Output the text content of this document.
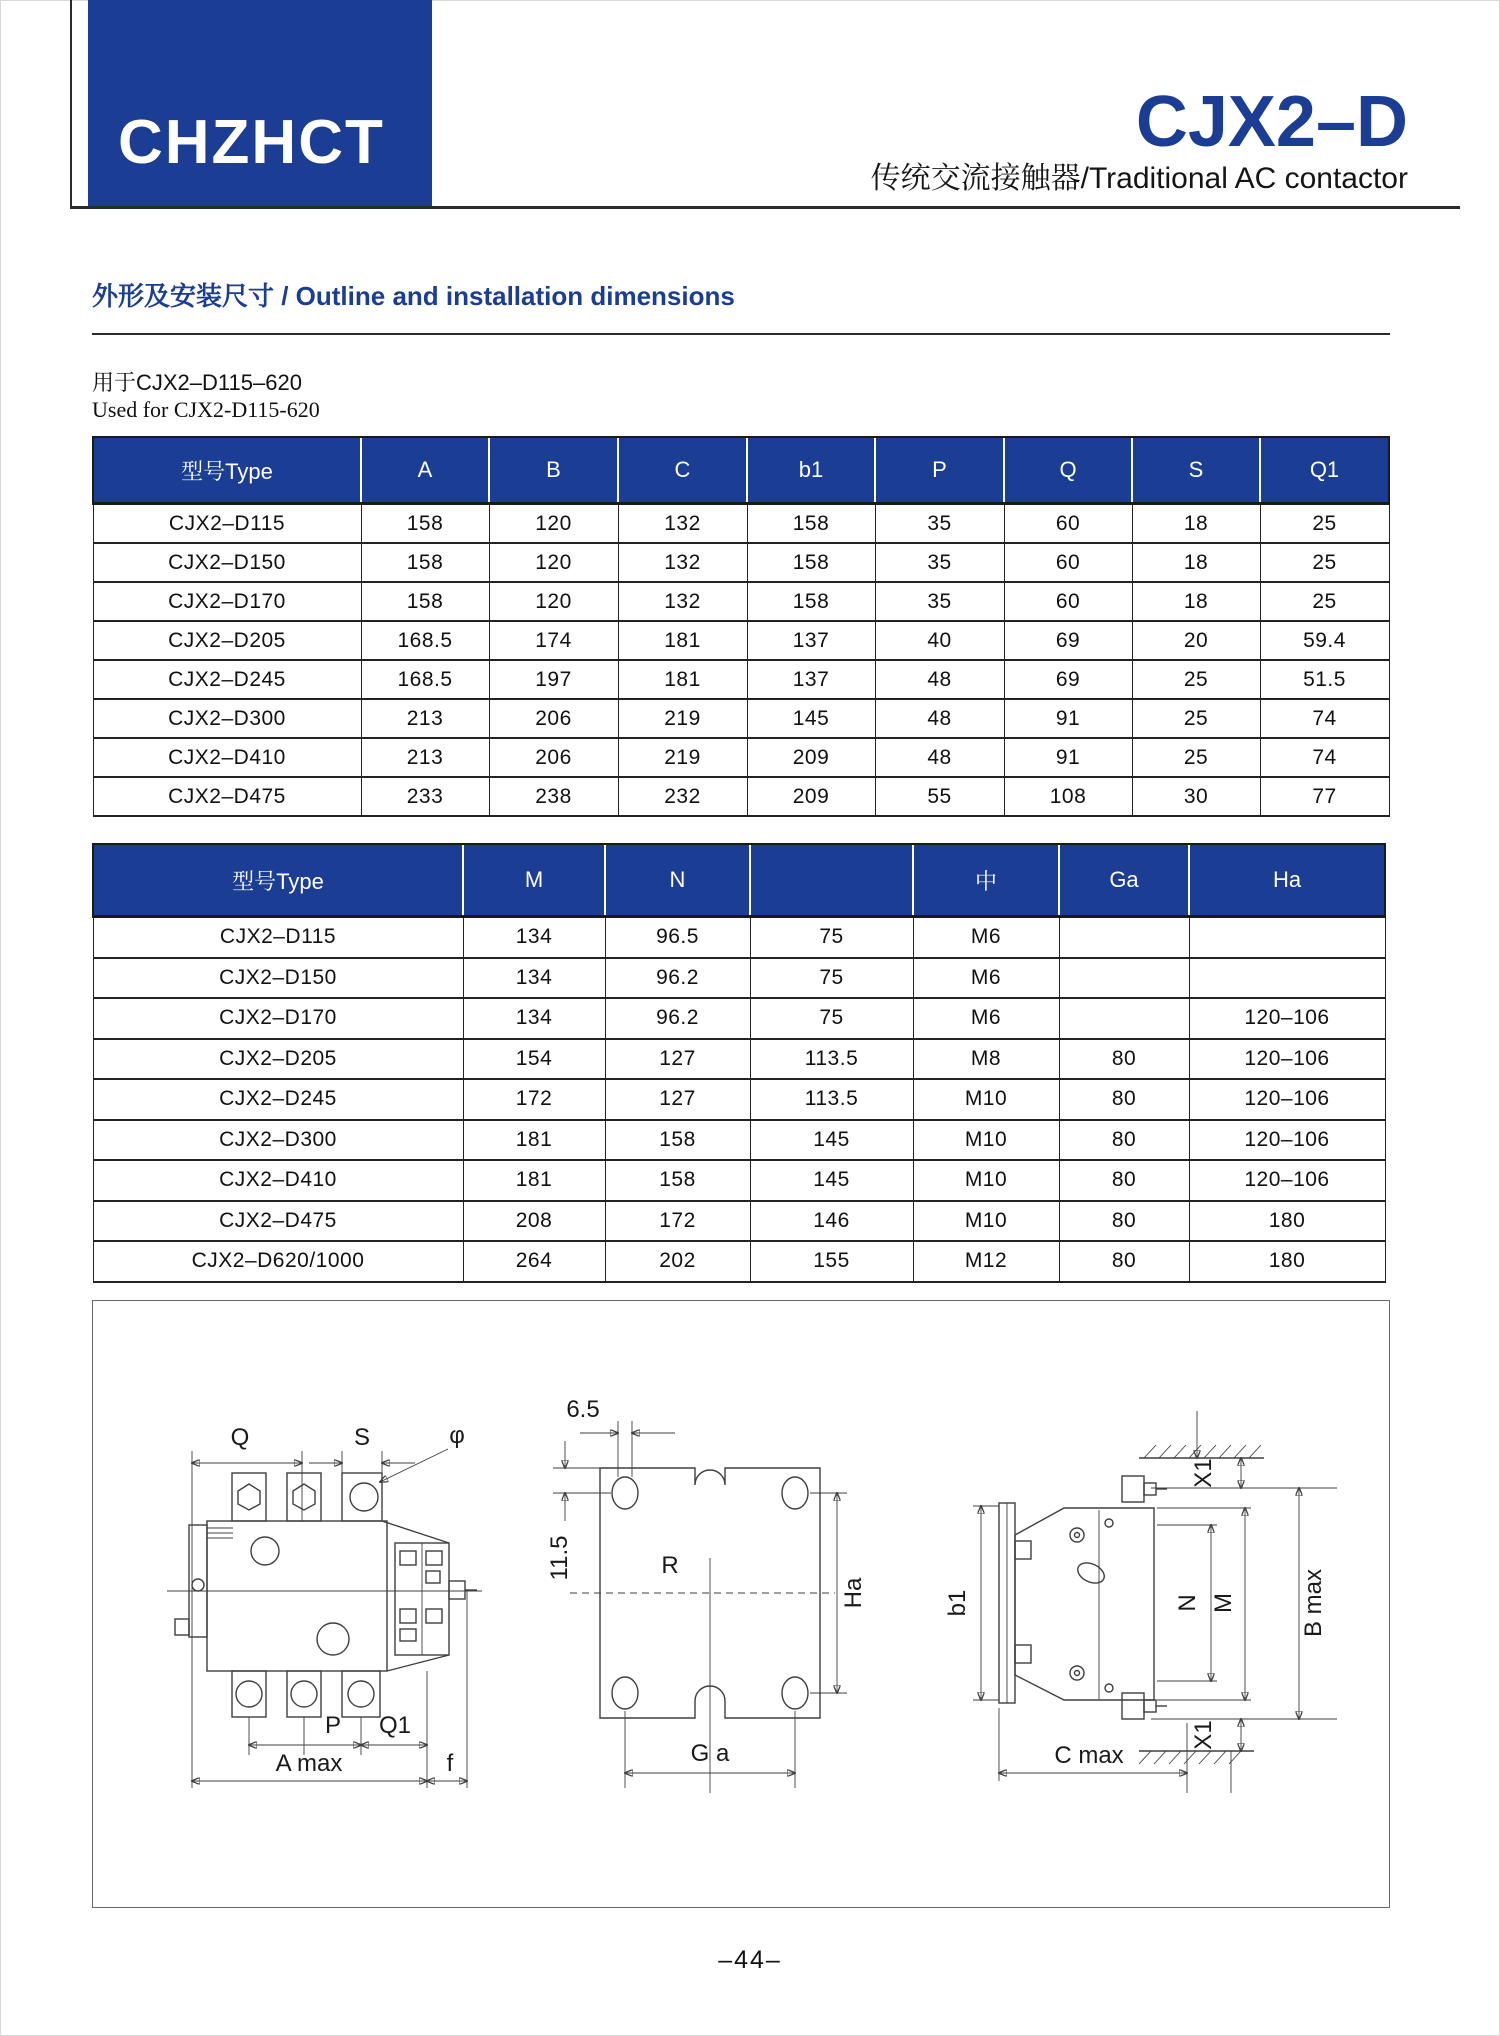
CHZHCT	CJX2–D
传统交流接触器/Traditional AC contactor
外形及安装尺寸 / Outline and installation dimensions
用于CJX2–D115–620
Used for CJX2-D115-620
型号Type	A	B	C	b1	P	Q	S	Q1
CJX2–D115	158	120	132	158	35	60	18	25
CJX2–D150	158	120	132	158	35	60	18	25
CJX2–D170	158	120	132	158	35	60	18	25
CJX2–D205	168.5	174	181	137	40	69	20	59.4
CJX2–D245	168.5	197	181	137	48	69	25	51.5
CJX2–D300	213	206	219	145	48	91	25	74
CJX2–D410	213	206	219	209	48	91	25	74
CJX2–D475	233	238	232	209	55	108	30	77
型号Type	M	N		中	Ga	Ha
CJX2–D115	134	96.5	75	M6		
CJX2–D150	134	96.2	75	M6		
CJX2–D170	134	96.2	75	M6		120–106
CJX2–D205	154	127	113.5	M8	80	120–106
CJX2–D245	172	127	113.5	M10	80	120–106
CJX2–D300	181	158	145	M10	80	120–106
CJX2–D410	181	158	145	M10	80	120–106
CJX2–D475	208	172	146	M10	80	180
CJX2–D620/1000	264	202	155	M12	80	180
Q	S	φ
P Q1
A max	f
6.5
11.5	R
Ha
G a
X1
b1	N M	B max
X1
C max
–44–
